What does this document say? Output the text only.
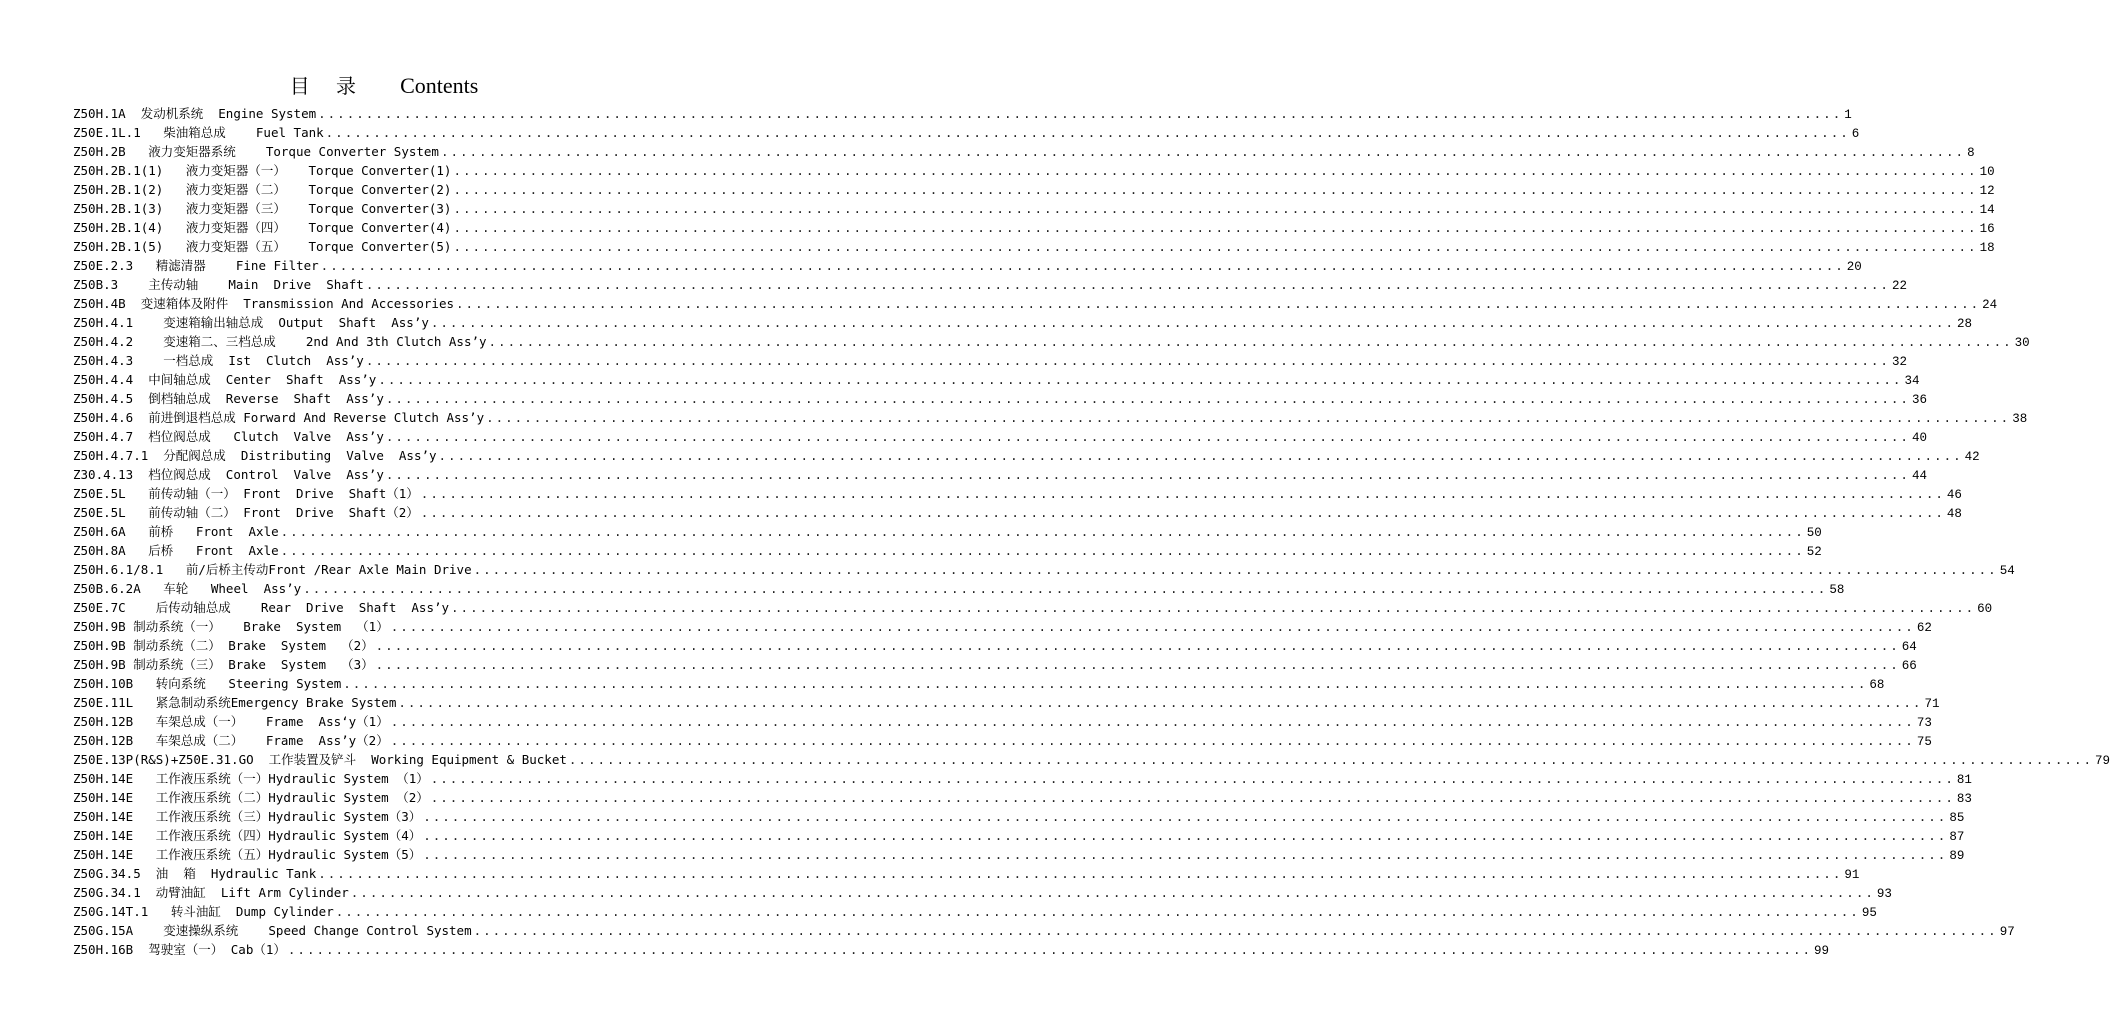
目 录 Contents
Z50H.1A  发动机系统  Engine System .....	1
Z50E.1L.1   柴油箱总成    Fuel Tank .....	6
Z50H.2B   液力变矩器系统    Torque Converter System .....	8
Z50H.2B.1(1)   液力变矩器（一）   Torque Converter(1) .....	10
Z50H.2B.1(2)   液力变矩器（二）   Torque Converter(2) .....	12
Z50H.2B.1(3)   液力变矩器（三）   Torque Converter(3) .....	14
Z50H.2B.1(4)   液力变矩器（四）   Torque Converter(4) .....	16
Z50H.2B.1(5)   液力变矩器（五）   Torque Converter(5) .....	18
Z50E.2.3   精滤清器    Fine Filter .....	20
Z50B.3    主传动轴    Main  Drive  Shaft .....	22
Z50H.4B  变速箱体及附件  Transmission And Accessories .....	24
Z50H.4.1    变速箱输出轴总成  Output  Shaft  Ass’y .....	28
Z50H.4.2    变速箱二、三档总成    2nd And 3th Clutch Ass’y .....	30
Z50H.4.3    一档总成  Ist  Clutch  Ass’y .....	32
Z50H.4.4  中间轴总成  Center  Shaft  Ass’y .....	34
Z50H.4.5  倒档轴总成  Reverse  Shaft  Ass’y .....	36
Z50H.4.6  前进倒退档总成 Forward And Reverse Clutch Ass’y .....	38
Z50H.4.7  档位阀总成   Clutch  Valve  Ass’y .....	40
Z50H.4.7.1  分配阀总成  Distributing  Valve  Ass’y .....	42
Z30.4.13  档位阀总成  Control  Valve  Ass’y .....	44
Z50E.5L   前传动轴（一） Front  Drive  Shaft（1） .....	46
Z50E.5L   前传动轴（二） Front  Drive  Shaft（2） .....	48
Z50H.6A   前桥   Front  Axle .....	50
Z50H.8A   后桥   Front  Axle .....	52
Z50H.6.1/8.1   前/后桥主传动Front /Rear Axle Main Drive .....	54
Z50B.6.2A   车轮   Wheel  Ass’y .....	58
Z50E.7C    后传动轴总成    Rear  Drive  Shaft  Ass’y .....	60
Z50H.9B 制动系统（一）   Brake  System  （1） .....	62
Z50H.9B 制动系统（二） Brake  System  （2） .....	64
Z50H.9B 制动系统（三） Brake  System  （3） .....	66
Z50H.10B   转向系统   Steering System .....	68
Z50E.11L   紧急制动系统Emergency Brake System .....	71
Z50H.12B   车架总成（一）   Frame  Ass‘y（1） .....	73
Z50H.12B   车架总成（二）   Frame  Ass’y（2） .....	75
Z50E.13P(R&S)+Z50E.31.GO  工作装置及铲斗  Working Equipment & Bucket .....	79
Z50H.14E   工作液压系统（一）Hydraulic System （1） .....	81
Z50H.14E   工作液压系统（二）Hydraulic System （2） .....	83
Z50H.14E   工作液压系统（三）Hydraulic System（3） .....	85
Z50H.14E   工作液压系统（四）Hydraulic System（4） .....	87
Z50H.14E   工作液压系统（五）Hydraulic System（5） .....	89
Z50G.34.5  油  箱  Hydraulic Tank .....	91
Z50G.34.1  动臂油缸  Lift Arm Cylinder .....	93
Z50G.14T.1   转斗油缸  Dump Cylinder .....	95
Z50G.15A    变速操纵系统    Speed Change Control System .....	97
Z50H.16B  驾驶室（一） Cab（1） .....	99
